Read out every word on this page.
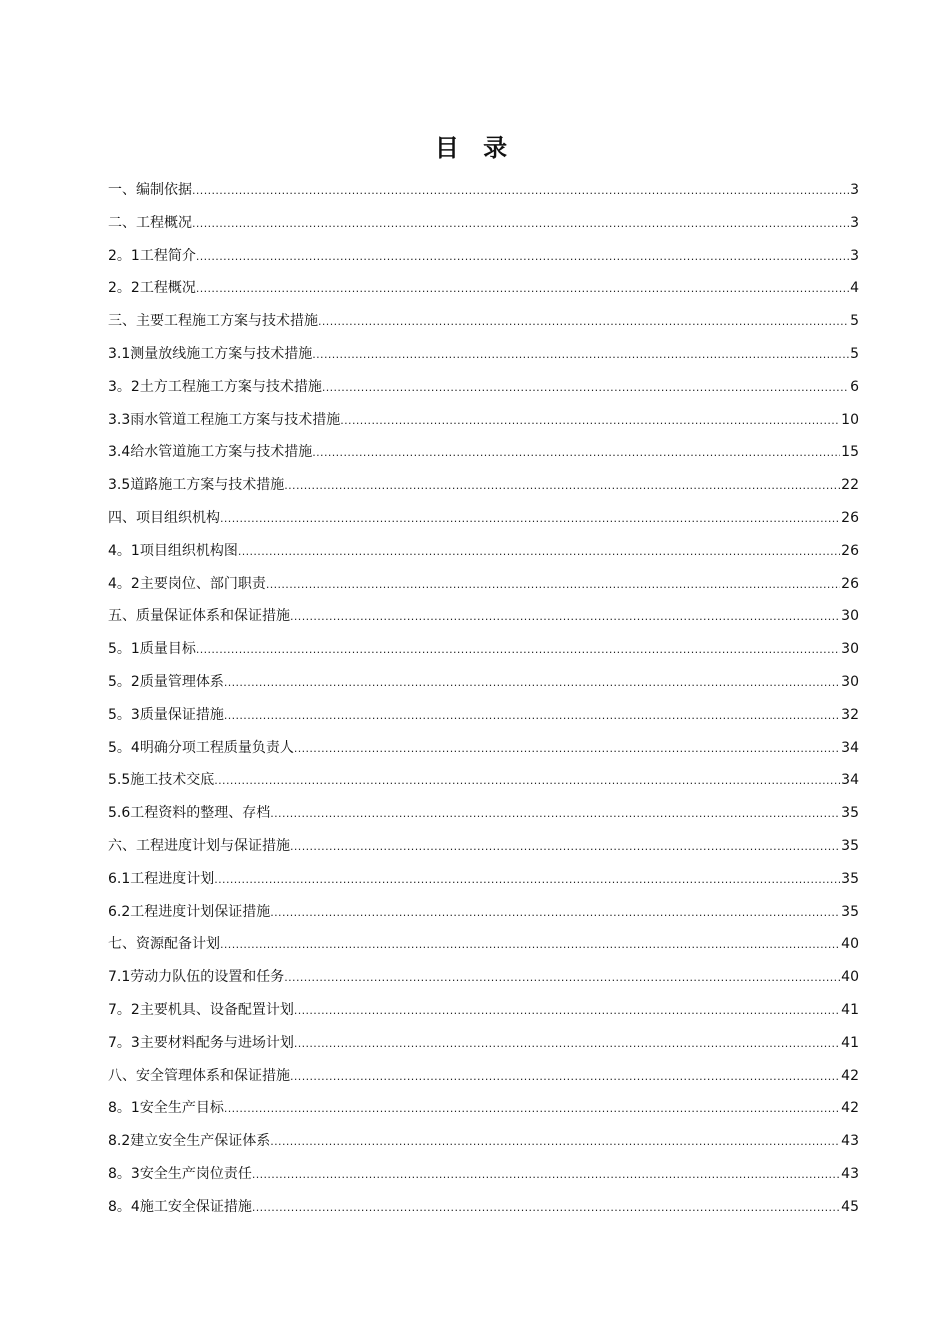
目 录
一、编制依据 .....	3
二、工程概况 .....	3
2。1工程简介 .....	3
2。2工程概况 .....	4
三、主要工程施工方案与技术措施 .....	5
3.1测量放线施工方案与技术措施 .....	5
3。2土方工程施工方案与技术措施 .....	6
3.3雨水管道工程施工方案与技术措施 .....	10
3.4给水管道施工方案与技术措施 .....	15
3.5道路施工方案与技术措施 .....	22
四、项目组织机构 .....	26
4。1项目组织机构图 .....	26
4。2主要岗位、部门职责 .....	26
五、质量保证体系和保证措施 .....	30
5。1质量目标 .....	30
5。2质量管理体系 .....	30
5。3质量保证措施 .....	32
5。4明确分项工程质量负责人 .....	34
5.5施工技术交底 .....	34
5.6工程资料的整理、存档 .....	35
六、工程进度计划与保证措施 .....	35
6.1工程进度计划 .....	35
6.2工程进度计划保证措施 .....	35
七、资源配备计划 .....	40
7.1劳动力队伍的设置和任务 .....	40
7。2主要机具、设备配置计划 .....	41
7。3主要材料配务与进场计划 .....	41
八、安全管理体系和保证措施 .....	42
8。1安全生产目标 .....	42
8.2建立安全生产保证体系 .....	43
8。3安全生产岗位责任 .....	43
8。4施工安全保证措施 .....	45
